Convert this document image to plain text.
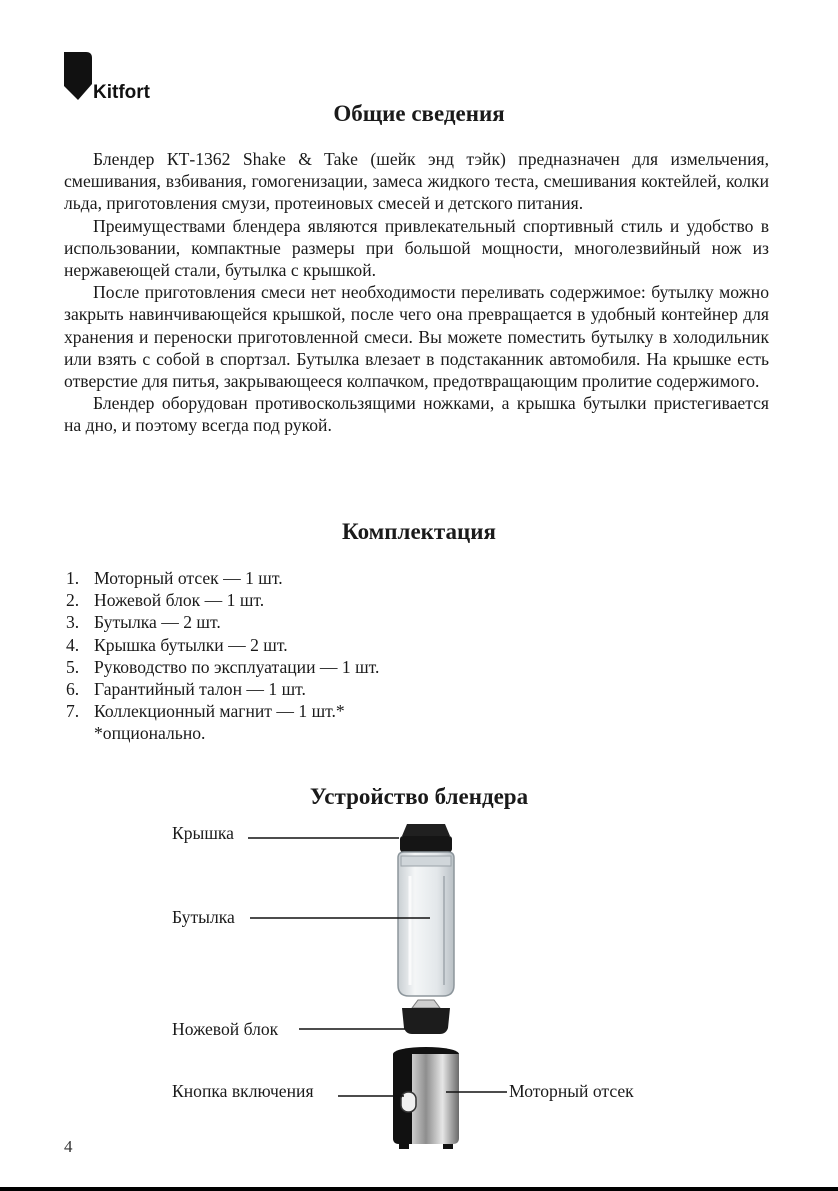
Kitfort
Общие сведения

Блендер КТ-1362 Shake & Take (шейк энд тэйк) предназначен для измельчения, смешивания, взбивания, гомогенизации, замеса жидкого теста, смешивания коктейлей, колки льда, приготовления смузи, протеиновых смесей и детского питания.

Преимуществами блендера являются привлекательный спортивный стиль и удобство в использовании, компактные размеры при большой мощности, многолезвийный нож из нержавеющей стали, бутылка с крышкой.

После приготовления смеси нет необходимости переливать содержимое: бутылку можно закрыть навинчивающейся крышкой, после чего она превращается в удобный контейнер для хранения и переноски приготовленной смеси. Вы можете поместить бутылку в холодильник или взять с собой в спортзал. Бутылка влезает в подстаканник автомобиля. На крышке есть отверстие для питья, закрывающееся колпачком, предотвращающим пролитие содержимого.

Блендер оборудован противоскользящими ножками, а крышка бутылки пристегивается на дно, и поэтому всегда под рукой.

Комплектация
1. Моторный отсек — 1 шт.
2. Ножевой блок — 1 шт.
3. Бутылка — 2 шт.
4. Крышка бутылки — 2 шт.
5. Руководство по эксплуатации — 1 шт.
6. Гарантийный талон — 1 шт.
7. Коллекционный магнит — 1 шт.*
*опционально.
Устройство блендера
Крышка
Бутылка
Ножевой блок
Кнопка включения	Моторный отсек
4
